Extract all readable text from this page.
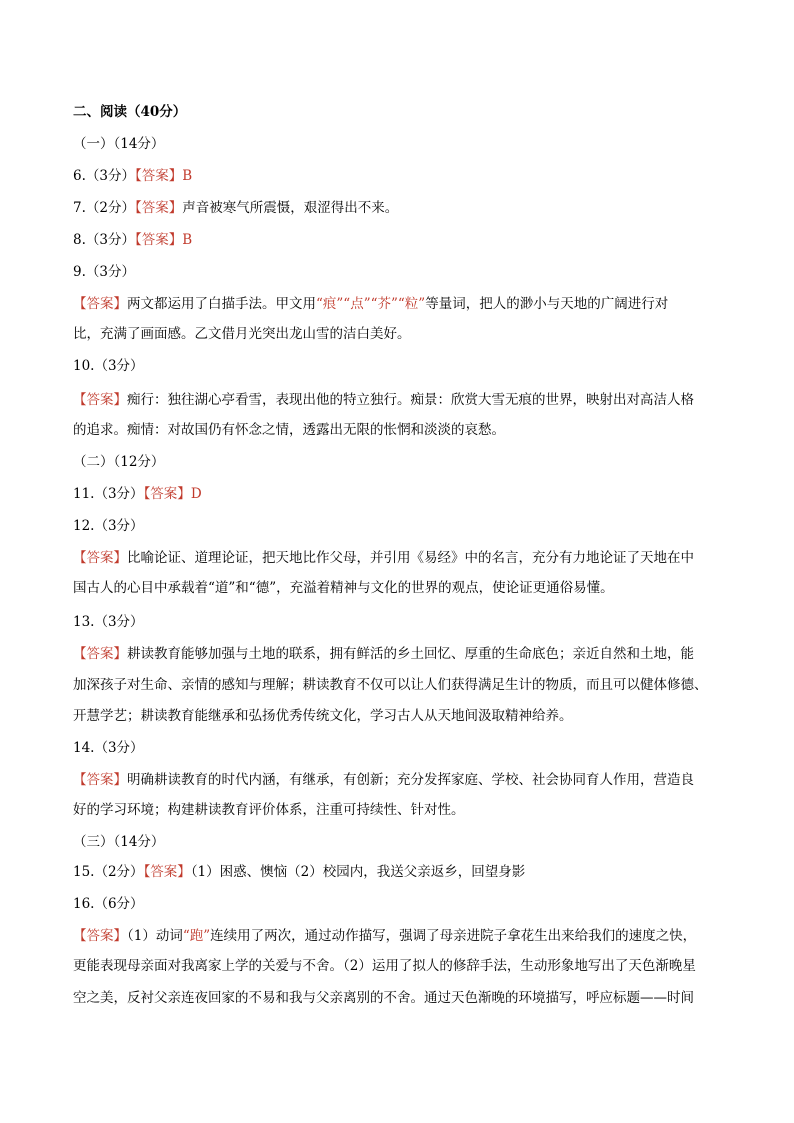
二、阅读（40分）
（一）（14分）
6.（3分）【答案】B
7.（2分）【答案】声音被寒气所震慑，艰涩得出不来。
8.（3分）【答案】B
9.（3分）
【答案】两文都运用了白描手法。甲文用“痕”“点”“芥”“粒”等量词，把人的渺小与天地的广阔进行对
比，充满了画面感。乙文借月光突出龙山雪的洁白美好。
10.（3分）
【答案】痴行：独往湖心亭看雪，表现出他的特立独行。痴景：欣赏大雪无痕的世界，映射出对高洁人格
的追求。痴情：对故国仍有怀念之情，透露出无限的怅惘和淡淡的哀愁。
（二）（12分）
11.（3分）【答案】D
12.（3分）
【答案】比喻论证、道理论证，把天地比作父母，并引用《易经》中的名言，充分有力地论证了天地在中
国古人的心目中承载着“道”和“德”，充溢着精神与文化的世界的观点，使论证更通俗易懂。
13.（3分）
【答案】耕读教育能够加强与土地的联系，拥有鲜活的乡土回忆、厚重的生命底色；亲近自然和土地，能
加深孩子对生命、亲情的感知与理解；耕读教育不仅可以让人们获得满足生计的物质，而且可以健体修德、
开慧学艺；耕读教育能继承和弘扬优秀传统文化，学习古人从天地间汲取精神给养。
14.（3分）
【答案】明确耕读教育的时代内涵，有继承，有创新；充分发挥家庭、学校、社会协同育人作用，营造良
好的学习环境；构建耕读教育评价体系，注重可持续性、针对性。
（三）（14分）
15.（2分）【答案】（1）困惑、懊恼（2）校园内，我送父亲返乡，回望身影
16.（6分）
【答案】（1）动词“跑”连续用了两次，通过动作描写，强调了母亲进院子拿花生出来给我们的速度之快，
更能表现母亲面对我离家上学的关爱与不舍。（2）运用了拟人的修辞手法，生动形象地写出了天色渐晚星
空之美，反衬父亲连夜回家的不易和我与父亲离别的不舍。通过天色渐晚的环境描写，呼应标题——时间
